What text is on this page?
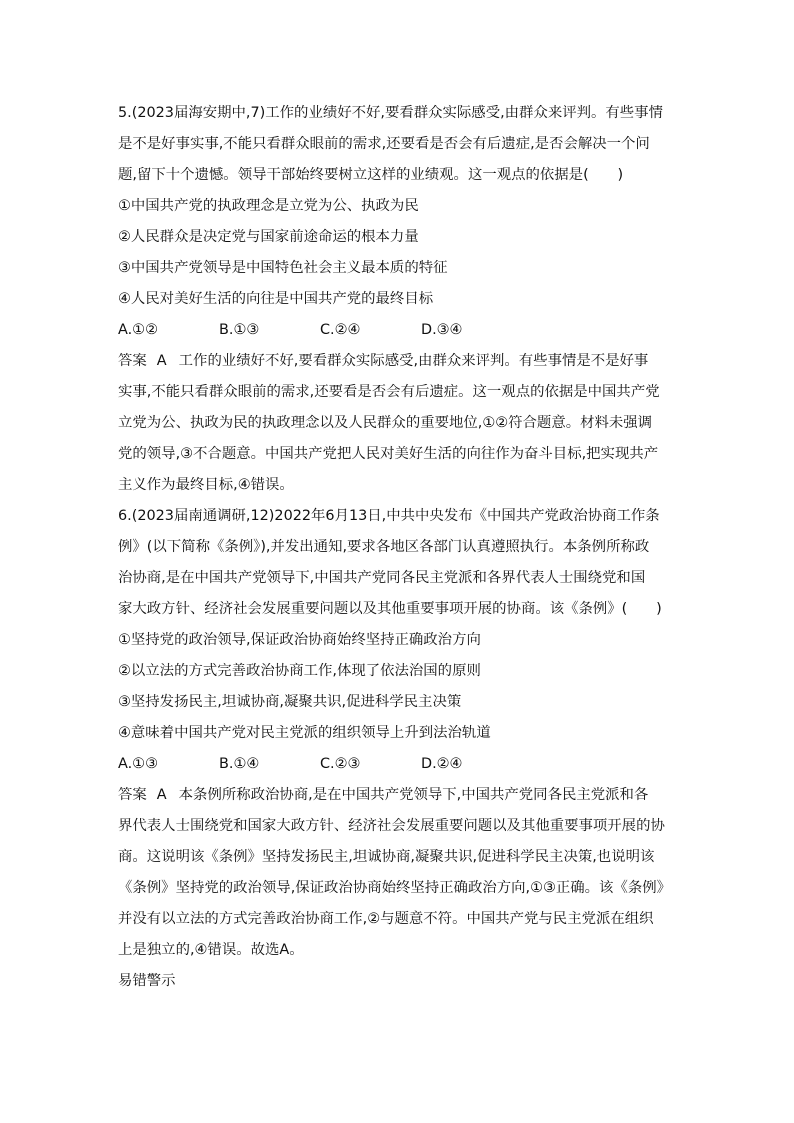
5.(2023届海安期中,7)工作的业绩好不好,要看群众实际感受,由群众来评判。有些事情
是不是好事实事,不能只看群众眼前的需求,还要看是否会有后遗症,是否会解决一个问
题,留下十个遗憾。领导干部始终要树立这样的业绩观。这一观点的依据是(　　)
①中国共产党的执政理念是立党为公、执政为民
②人民群众是决定党与国家前途命运的根本力量
③中国共产党领导是中国特色社会主义最本质的特征
④人民对美好生活的向往是中国共产党的最终目标
A.①②	B.①③	C.②④	D.③④
答案 A 工作的业绩好不好,要看群众实际感受,由群众来评判。有些事情是不是好事
实事,不能只看群众眼前的需求,还要看是否会有后遗症。这一观点的依据是中国共产党
立党为公、执政为民的执政理念以及人民群众的重要地位,①②符合题意。材料未强调
党的领导,③不合题意。中国共产党把人民对美好生活的向往作为奋斗目标,把实现共产
主义作为最终目标,④错误。
6.(2023届南通调研,12)2022年6月13日,中共中央发布《中国共产党政治协商工作条
例》(以下简称《条例》),并发出通知,要求各地区各部门认真遵照执行。本条例所称政
治协商,是在中国共产党领导下,中国共产党同各民主党派和各界代表人士围绕党和国
家大政方针、经济社会发展重要问题以及其他重要事项开展的协商。该《条例》(　　)
①坚持党的政治领导,保证政治协商始终坚持正确政治方向
②以立法的方式完善政治协商工作,体现了依法治国的原则
③坚持发扬民主,坦诚协商,凝聚共识,促进科学民主决策
④意味着中国共产党对民主党派的组织领导上升到法治轨道
A.①③	B.①④	C.②③	D.②④
答案 A 本条例所称政治协商,是在中国共产党领导下,中国共产党同各民主党派和各
界代表人士围绕党和国家大政方针、经济社会发展重要问题以及其他重要事项开展的协
商。这说明该《条例》坚持发扬民主,坦诚协商,凝聚共识,促进科学民主决策,也说明该
《条例》坚持党的政治领导,保证政治协商始终坚持正确政治方向,①③正确。该《条例》
并没有以立法的方式完善政治协商工作,②与题意不符。中国共产党与民主党派在组织
上是独立的,④错误。故选A。
易错警示
